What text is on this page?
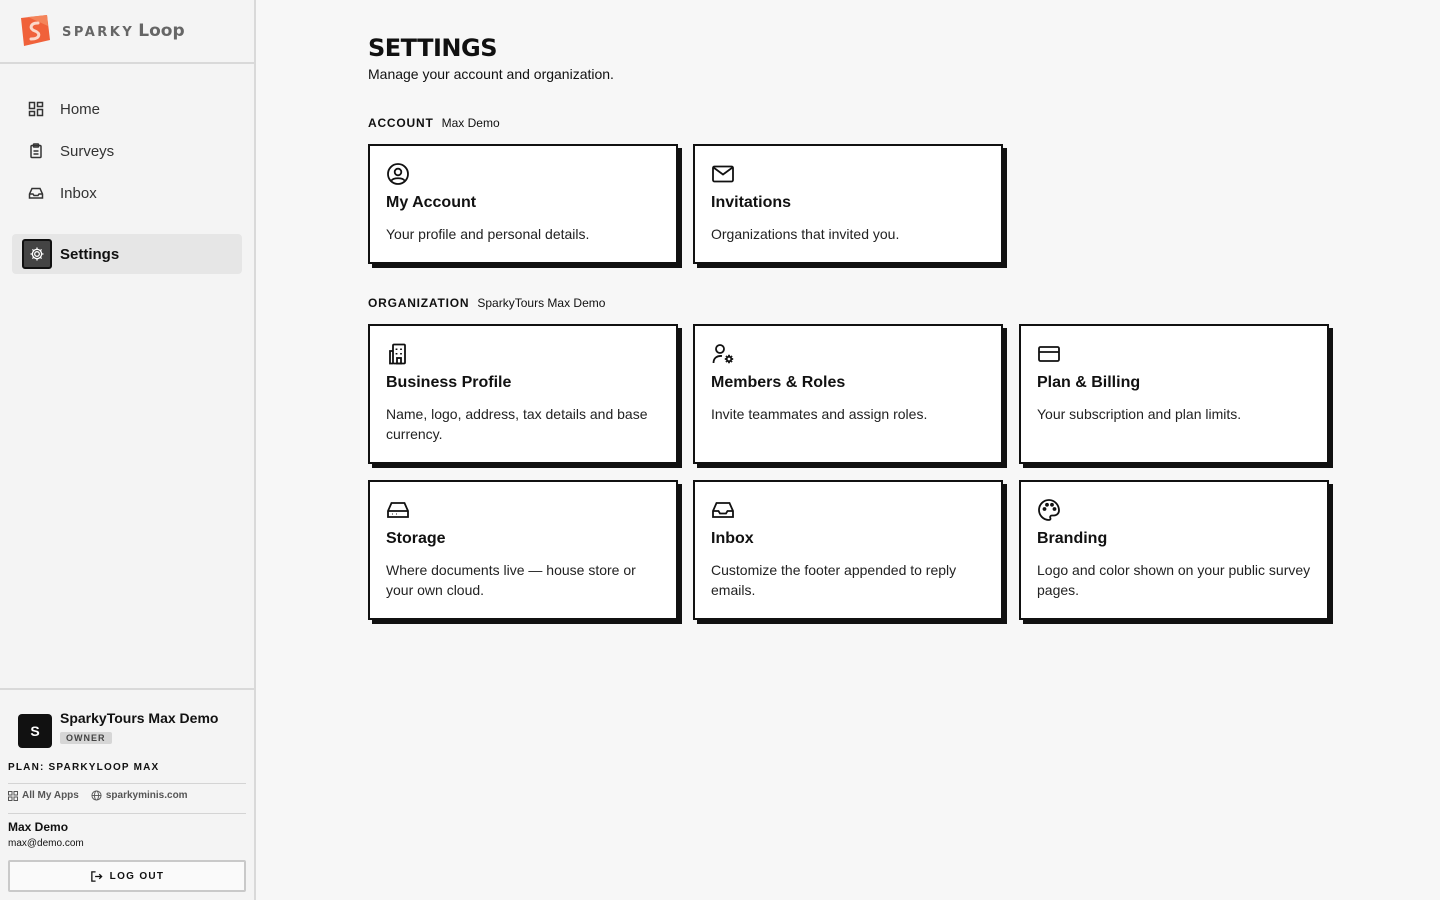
SPARKY Loop
Home
Surveys
Inbox
Settings
S
SparkyTours Max Demo
OWNER
PLAN: SPARKYLOOP MAX
All My Apps	sparkyminis.com
Max Demo
max@demo.com
LOG OUT
SETTINGS
Manage your account and organization.
ACCOUNT Max Demo
My Account
Your profile and personal details.
Invitations
Organizations that invited you.
ORGANIZATION SparkyTours Max Demo
Business Profile
Name, logo, address, tax details and base currency.
Members & Roles
Invite teammates and assign roles.
Plan & Billing
Your subscription and plan limits.
Storage
Where documents live — house store or your own cloud.
Inbox
Customize the footer appended to reply emails.
Branding
Logo and color shown on your public survey pages.
